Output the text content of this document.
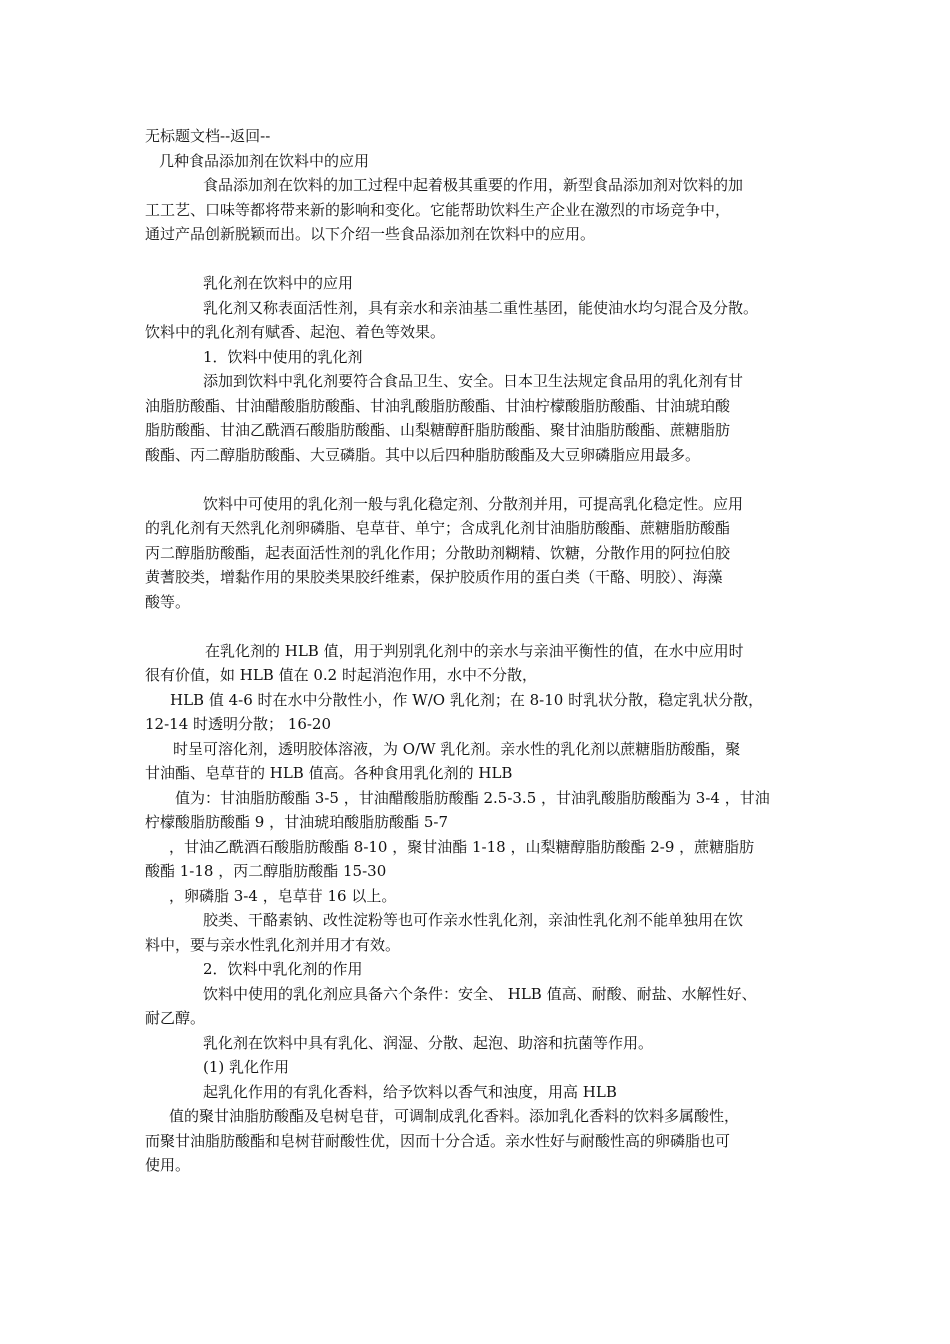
无标题文档--返回--
几种食品添加剂在饮料中的应用
食品添加剂在饮料的加工过程中起着极其重要的作用，新型食品添加剂对饮料的加
工工艺、口味等都将带来新的影响和变化。它能帮助饮料生产企业在激烈的市场竞争中，
通过产品创新脱颖而出。以下介绍一些食品添加剂在饮料中的应用。
乳化剂在饮料中的应用
乳化剂又称表面活性剂，具有亲水和亲油基二重性基团，能使油水均匀混合及分散。
饮料中的乳化剂有赋香、起泡、着色等效果。
1．饮料中使用的乳化剂
添加到饮料中乳化剂要符合食品卫生、安全。日本卫生法规定食品用的乳化剂有甘
油脂肪酸酯、甘油醋酸脂肪酸酯、甘油乳酸脂肪酸酯、甘油柠檬酸脂肪酸酯、甘油琥珀酸
脂肪酸酯、甘油乙酰酒石酸脂肪酸酯、山梨糖醇酐脂肪酸酯、聚甘油脂肪酸酯、蔗糖脂肪
酸酯、丙二醇脂肪酸酯、大豆磷脂。其中以后四种脂肪酸酯及大豆卵磷脂应用最多。
饮料中可使用的乳化剂一般与乳化稳定剂、分散剂并用，可提高乳化稳定性。应用
的乳化剂有天然乳化剂卵磷脂、皂草苷、单宁；含成乳化剂甘油脂肪酸酯、蔗糖脂肪酸酯
丙二醇脂肪酸酯，起表面活性剂的乳化作用；分散助剂糊精、饮糖，分散作用的阿拉伯胶
黄蓍胶类，增黏作用的果胶类果胶纤维素，保护胶质作用的蛋白类（干酪、明胶）、海藻
酸等。
在乳化剂的 HLB 值，用于判别乳化剂中的亲水与亲油平衡性的值，在水中应用时
很有价值，如 HLB 值在 0.2 时起消泡作用，水中不分散，
HLB 值 4-6 时在水中分散性小，作 W/O 乳化剂；在 8-10 时乳状分散，稳定乳状分散，
12-14 时透明分散； 16-20
时呈可溶化剂，透明胶体溶液，为 O/W 乳化剂。亲水性的乳化剂以蔗糖脂肪酸酯，聚
甘油酯、皂草苷的 HLB 值高。各种食用乳化剂的 HLB
值为：甘油脂肪酸酯 3-5 ，甘油醋酸脂肪酸酯 2.5-3.5 ，甘油乳酸脂肪酸酯为 3-4 ，甘油
柠檬酸脂肪酸酯 9 ，甘油琥珀酸脂肪酸酯 5-7
，甘油乙酰酒石酸脂肪酸酯 8-10 ，聚甘油酯 1-18 ，山梨糖醇脂肪酸酯 2-9 ，蔗糖脂肪
酸酯 1-18 ，丙二醇脂肪酸酯 15-30
，卵磷脂 3-4 ，皂草苷 16 以上。
胶类、干酪素钠、改性淀粉等也可作亲水性乳化剂，亲油性乳化剂不能单独用在饮
料中，要与亲水性乳化剂并用才有效。
2．饮料中乳化剂的作用
饮料中使用的乳化剂应具备六个条件：安全、 HLB 值高、耐酸、耐盐、水解性好、
耐乙醇。
乳化剂在饮料中具有乳化、润湿、分散、起泡、助溶和抗菌等作用。
(1) 乳化作用
起乳化作用的有乳化香料，给予饮料以香气和浊度，用高 HLB
值的聚甘油脂肪酸酯及皂树皂苷，可调制成乳化香料。添加乳化香料的饮料多属酸性，
而聚甘油脂肪酸酯和皂树苷耐酸性优，因而十分合适。亲水性好与耐酸性高的卵磷脂也可
使用。
